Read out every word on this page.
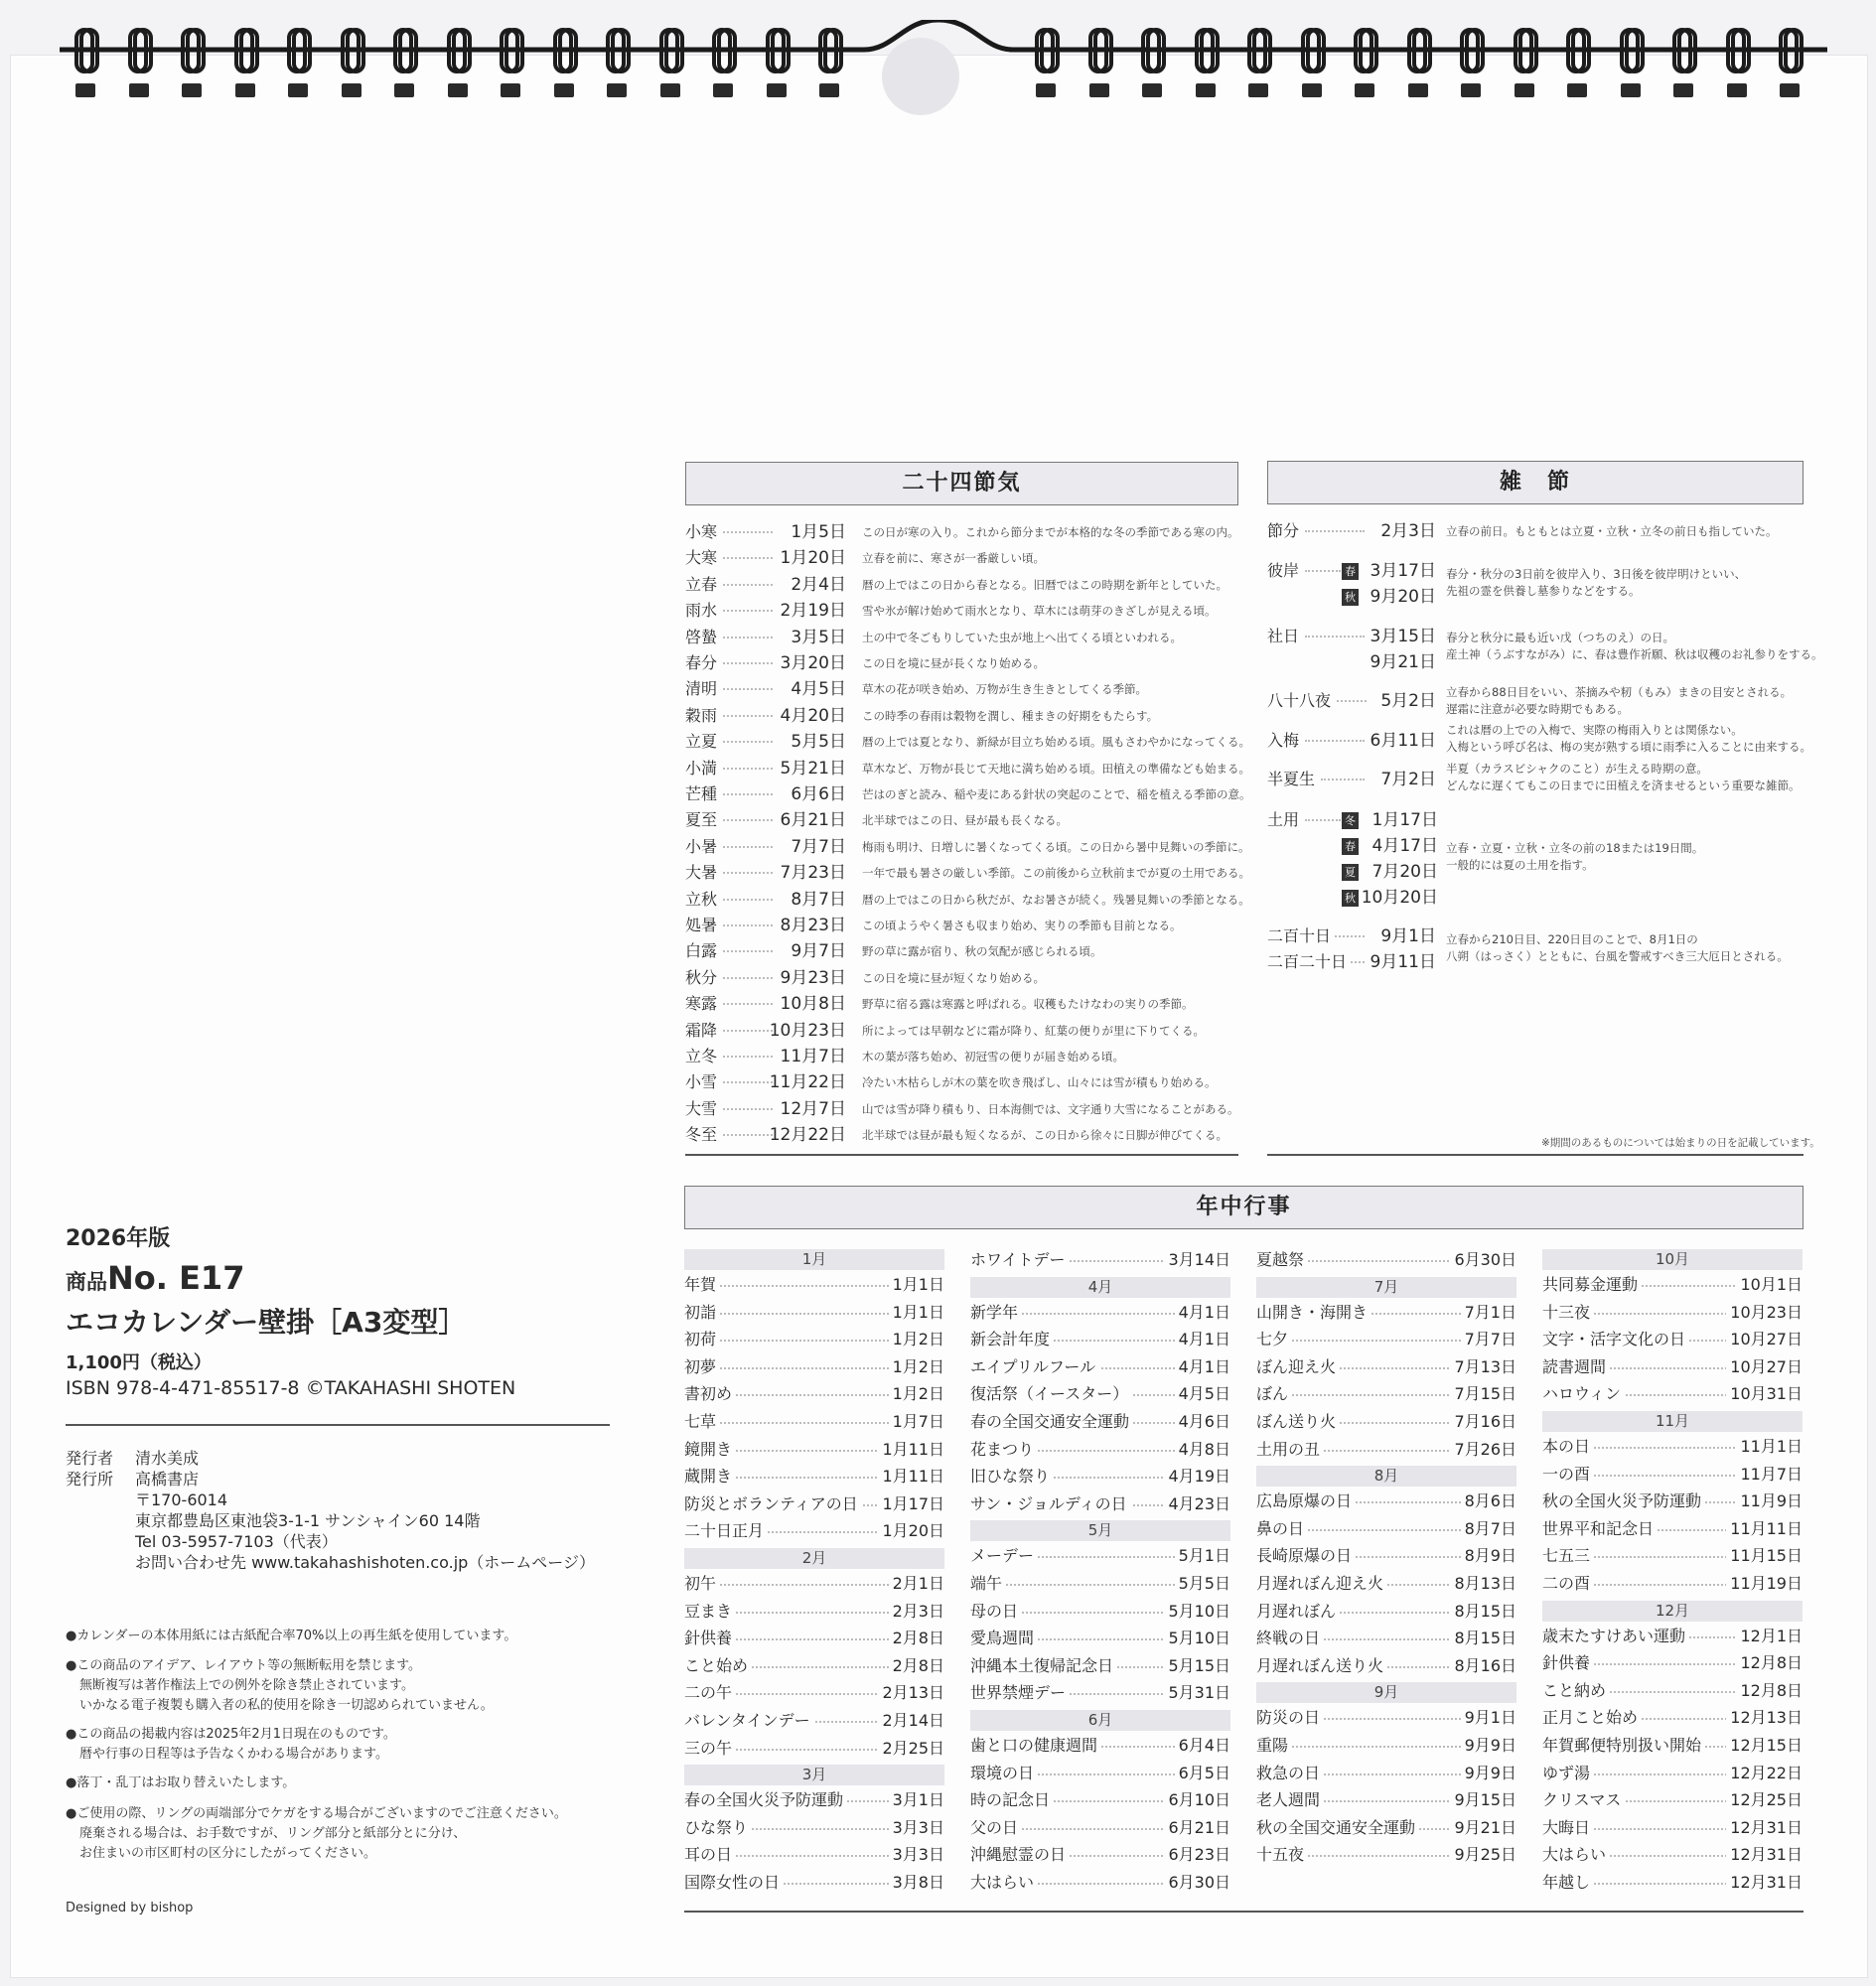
二十四節気
小寒	1月5日 この日が寒の入り。これから節分までが本格的な冬の季節である寒の内。
大寒	1月20日 立春を前に、寒さが一番厳しい頃。
立春	2月4日 暦の上ではこの日から春となる。旧暦ではこの時期を新年としていた。
雨水	2月19日 雪や氷が解け始めて雨水となり、草木には萌芽のきざしが見える頃。
啓蟄	3月5日 土の中で冬ごもりしていた虫が地上へ出てくる頃といわれる。
春分	3月20日 この日を境に昼が長くなり始める。
清明	4月5日 草木の花が咲き始め、万物が生き生きとしてくる季節。
穀雨	4月20日 この時季の春雨は穀物を潤し、種まきの好期をもたらす。
立夏	5月5日 暦の上では夏となり、新緑が目立ち始める頃。風もさわやかになってくる。
小満	5月21日 草木など、万物が長じて天地に満ち始める頃。田植えの準備なども始まる。
芒種	6月6日 芒はのぎと読み、稲や麦にある針状の突起のことで、稲を植える季節の意。
夏至	6月21日 北半球ではこの日、昼が最も長くなる。
小暑	7月7日 梅雨も明け、日増しに暑くなってくる頃。この日から暑中見舞いの季節に。
大暑	7月23日 一年で最も暑さの厳しい季節。この前後から立秋前までが夏の土用である。
立秋	8月7日 暦の上ではこの日から秋だが、なお暑さが続く。残暑見舞いの季節となる。
処暑	8月23日 この頃ようやく暑さも収まり始め、実りの季節も目前となる。
白露	9月7日 野の草に露が宿り、秋の気配が感じられる頃。
秋分	9月23日 この日を境に昼が短くなり始める。
寒露	10月8日 野草に宿る露は寒露と呼ばれる。収穫もたけなわの実りの季節。
霜降	10月23日 所によっては早朝などに霜が降り、紅葉の便りが里に下りてくる。
立冬	11月7日 木の葉が落ち始め、初冠雪の便りが届き始める頃。
小雪	11月22日 冷たい木枯らしが木の葉を吹き飛ばし、山々には雪が積もり始める。
大雪	12月7日 山では雪が降り積もり、日本海側では、文字通り大雪になることがある。
冬至	12月22日 北半球では昼が最も短くなるが、この日から徐々に日脚が伸びてくる。
雑　節
節分	2月3日 立春の前日。もともとは立夏・立秋・立冬の前日も指していた。
彼岸	春 3月17日
秋 9月20日
春分・秋分の3日前を彼岸入り、3日後を彼岸明けといい、
先祖の霊を供養し墓参りなどをする。
社日	3月15日
9月21日
春分と秋分に最も近い戊（つちのえ）の日。
産土神（うぶすながみ）に、春は豊作祈願、秋は収穫のお礼参りをする。
八十八夜	5月2日 立春から88日目をいい、茶摘みや籾（もみ）まきの目安とされる。
遅霜に注意が必要な時期でもある。
入梅	6月11日
これは暦の上での入梅で、実際の梅雨入りとは関係ない。
入梅という呼び名は、梅の実が熟する頃に雨季に入ることに由来する。
半夏生	7月2日
半夏（カラスビシャクのこと）が生える時期の意。
どんなに遅くてもこの日までに田植えを済ませるという重要な雑節。
土用	冬 1月17日
春 4月17日
夏 7月20日
秋 10月20日
立春・立夏・立秋・立冬の前の18または19日間。
一般的には夏の土用を指す。
二百十日	9月1日
二百二十日	9月11日
立春から210日目、220日目のことで、8月1日の
八朔（はっさく）とともに、台風を警戒すべき三大厄日とされる。
※期間のあるものについては始まりの日を記載しています。
年中行事
1月
年賀	1月1日
初詣	1月1日
初荷	1月2日
初夢	1月2日
書初め	1月2日
七草	1月7日
鏡開き	1月11日
蔵開き	1月11日
防災とボランティアの日 1月17日
二十日正月	1月20日
2月
初午	2月1日
豆まき	2月3日
針供養	2月8日
こと始め	2月8日
二の午	2月13日
バレンタインデー	2月14日
三の午	2月25日
3月
春の全国火災予防運動	3月1日
ひな祭り	3月3日
耳の日	3月3日
国際女性の日	3月8日
ホワイトデー	3月14日
4月
新学年	4月1日
新会計年度	4月1日
エイプリルフール	4月1日
復活祭（イースター）	4月5日
春の全国交通安全運動	4月6日
花まつり	4月8日
旧ひな祭り	4月19日
サン・ジョルディの日	4月23日
5月
メーデー	5月1日
端午	5月5日
母の日	5月10日
愛鳥週間	5月10日
沖縄本土復帰記念日	5月15日
世界禁煙デー	5月31日
6月
歯と口の健康週間	6月4日
環境の日	6月5日
時の記念日	6月10日
父の日	6月21日
沖縄慰霊の日	6月23日
大はらい	6月30日
夏越祭	6月30日
7月
山開き・海開き	7月1日
七夕	7月7日
ぼん迎え火	7月13日
ぼん	7月15日
ぼん送り火	7月16日
土用の丑	7月26日
8月
広島原爆の日	8月6日
鼻の日	8月7日
長崎原爆の日	8月9日
月遅れぼん迎え火	8月13日
月遅れぼん	8月15日
終戦の日	8月15日
月遅れぼん送り火	8月16日
9月
防災の日	9月1日
重陽	9月9日
救急の日	9月9日
老人週間	9月15日
秋の全国交通安全運動 9月21日
十五夜	9月25日
10月
共同募金運動	10月1日
十三夜	10月23日
文字・活字文化の日	10月27日
読書週間	10月27日
ハロウィン	10月31日
11月
本の日	11月1日
一の酉	11月7日
秋の全国火災予防運動 11月9日
世界平和記念日	11月11日
七五三	11月15日
二の酉	11月19日
12月
歳末たすけあい運動	12月1日
針供養	12月8日
こと納め	12月8日
正月こと始め	12月13日
年賀郵便特別扱い開始 12月15日
ゆず湯	12月22日
クリスマス	12月25日
大晦日	12月31日
大はらい	12月31日
年越し	12月31日
2026年版
商品No. E17
エコカレンダー壁掛［A3変型］
1,100円（税込）
ISBN 978-4-471-85517-8 ©TAKAHASHI SHOTEN
発行者 清水美成
発行所 高橋書店
〒170-6014
東京都豊島区東池袋3-1-1 サンシャイン60 14階
Tel 03-5957-7103（代表）
お問い合わせ先 www.takahashishoten.co.jp（ホームページ）
●カレンダーの本体用紙には古紙配合率70%以上の再生紙を使用しています。
●この商品のアイデア、レイアウト等の無断転用を禁じます。
無断複写は著作権法上での例外を除き禁止されています。
いかなる電子複製も購入者の私的使用を除き一切認められていません。
●この商品の掲載内容は2025年2月1日現在のものです。
暦や行事の日程等は予告なくかわる場合があります。
●落丁・乱丁はお取り替えいたします。
●ご使用の際、リングの両端部分でケガをする場合がございますのでご注意ください。
廃棄される場合は、お手数ですが、リング部分と紙部分とに分け、
お住まいの市区町村の区分にしたがってください。
Designed by bishop
